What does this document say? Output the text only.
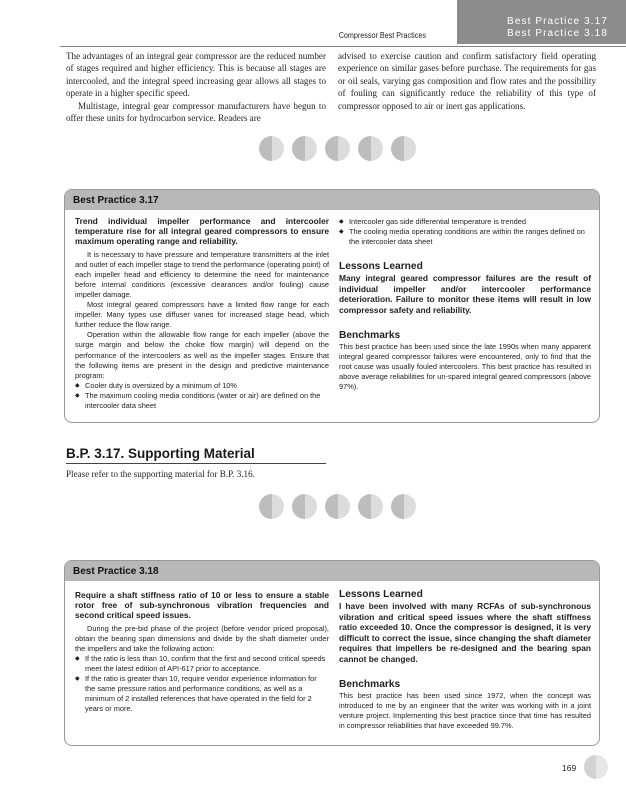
Compressor Best Practices
Best Practice 3.17
Best Practice 3.18

The advantages of an integral gear compressor are the reduced number of stages required and higher efficiency. This is because all stages are intercooled, and the integral speed increasing gear allows all stages to operate in a higher specific speed.

Multistage, integral gear compressor manufacturers have begun to offer these units for hydrocarbon service. Readers are

advised to exercise caution and confirm satisfactory field operating experience on similar gases before purchase. The requirements for gas or oil seals, varying gas composition and flow rates and the possibility of fouling can significantly reduce the reliability of this type of compressor opposed to air or inert gas applications.

Best Practice 3.17
Trend individual impeller performance and intercooler temperature rise for all integral geared compressors to ensure maximum operating range and reliability.
It is necessary to have pressure and temperature transmitters at the inlet and outlet of each impeller stage to trend the performance (operating point) of each impeller head and efficiency to determine the need for maintenance before internal conditions (excessive clearances and/or fouling) cause impeller damage.
Most integral geared compressors have a limited flow range for each impeller. Many types use diffuser vanes for increased stage head, which further reduce the flow range.
Operation within the allowable flow range for each impeller (above the surge margin and below the choke flow margin) will depend on the performance of the intercoolers as well as the impeller stages. Ensure that the following items are present in the design and predictive maintenance program:
◆ Cooler duty is oversized by a minimum of 10%
◆ The maximum cooling media conditions (water or air) are defined on the intercooler data sheet
◆ Intercooler gas side differential temperature is trended
◆ The cooling media operating conditions are within the ranges defined on the intercooler data sheet
Lessons Learned
Many integral geared compressor failures are the result of individual impeller and/or intercooler performance deterioration. Failure to monitor these items will result in low compressor safety and reliability.
Benchmarks
This best practice has been used since the late 1990s when many apparent integral geared compressor failures were encountered, only to find that the root cause was usually fouled intercoolers. This best practice has resulted in above average reliabilities for un-spared integral geared compressors (above 97%).
B.P. 3.17. Supporting Material
Please refer to the supporting material for B.P. 3.16.
Best Practice 3.18
Require a shaft stiffness ratio of 10 or less to ensure a stable rotor free of sub-synchronous vibration frequencies and second critical speed issues.
During the pre-bid phase of the project (before vendor priced proposal), obtain the bearing span dimensions and divide by the shaft diameter under the impellers and take the following action:
◆ If the ratio is less than 10, confirm that the first and second critical speeds meet the latest edition of API-617 prior to acceptance.
◆ If the ratio is greater than 10, require vendor experience information for the same pressure ratios and performance conditions, as well as a minimum of 2 installed references that have operated in the field for 2 years or more.
Lessons Learned
I have been involved with many RCFAs of sub-synchronous vibration and critical speed issues where the shaft stiffness ratio exceeded 10. Once the compressor is designed, it is very difficult to correct the issue, since changing the shaft diameter requires that impellers be re-designed and the bearing span cannot be changed.
Benchmarks
This best practice has been used since 1972, when the concept was introduced to me by an engineer that the writer was working with in a joint venture project. Implementing this best practice since that time has resulted in compressor reliabilities that have exceeded 99.7%.
169
